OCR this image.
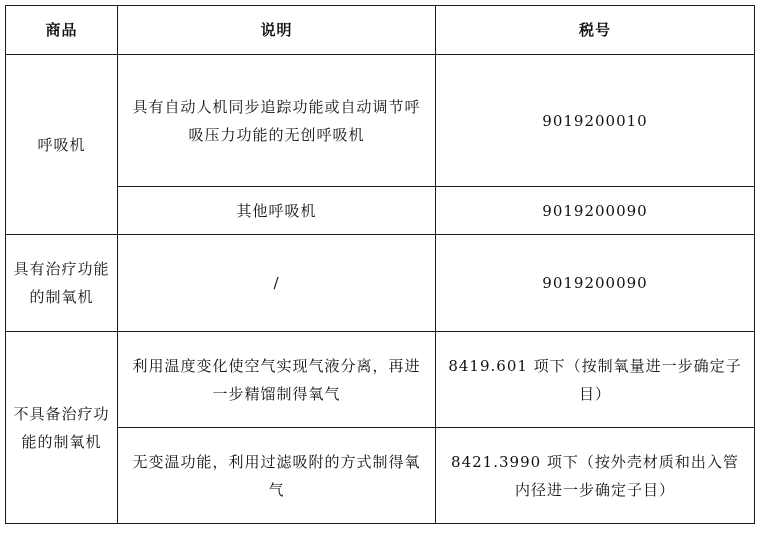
商品	说明	税号
呼吸机	具有自动人机同步追踪功能或自动调节呼吸压力功能的无创呼吸机	9019200010
	其他呼吸机	9019200090
具有治疗功能的制氧机	/	9019200090
不具备治疗功能的制氧机	利用温度变化使空气实现气液分离，再进一步精馏制得氧气	8419.601 项下（按制氧量进一步确定子目）
	无变温功能，利用过滤吸附的方式制得氧气	8421.3990 项下（按外壳材质和出入管内径进一步确定子目）
